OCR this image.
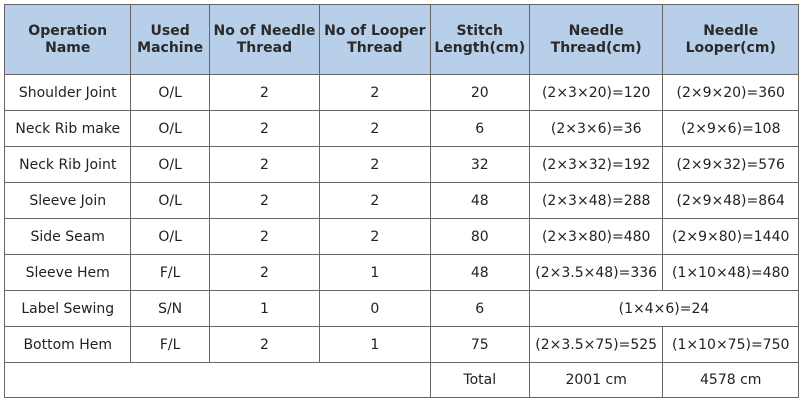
Operation Name	Used Machine	No of Needle Thread	No of Looper Thread	Stitch Length(cm)	Needle Thread(cm)	Needle Looper(cm)
Shoulder Joint	O/L	2	2	20	(2×3×20)=120	(2×9×20)=360
Neck Rib make	O/L	2	2	6	(2×3×6)=36	(2×9×6)=108
Neck Rib Joint	O/L	2	2	32	(2×3×32)=192	(2×9×32)=576
Sleeve Join	O/L	2	2	48	(2×3×48)=288	(2×9×48)=864
Side Seam	O/L	2	2	80	(2×3×80)=480	(2×9×80)=1440
Sleeve Hem	F/L	2	1	48	(2×3.5×48)=336	(1×10×48)=480
Label Sewing	S/N	1	0	6	(1×4×6)=24	
Bottom Hem	F/L	2	1	75	(2×3.5×75)=525	(1×10×75)=750
				Total	2001 cm	4578 cm
